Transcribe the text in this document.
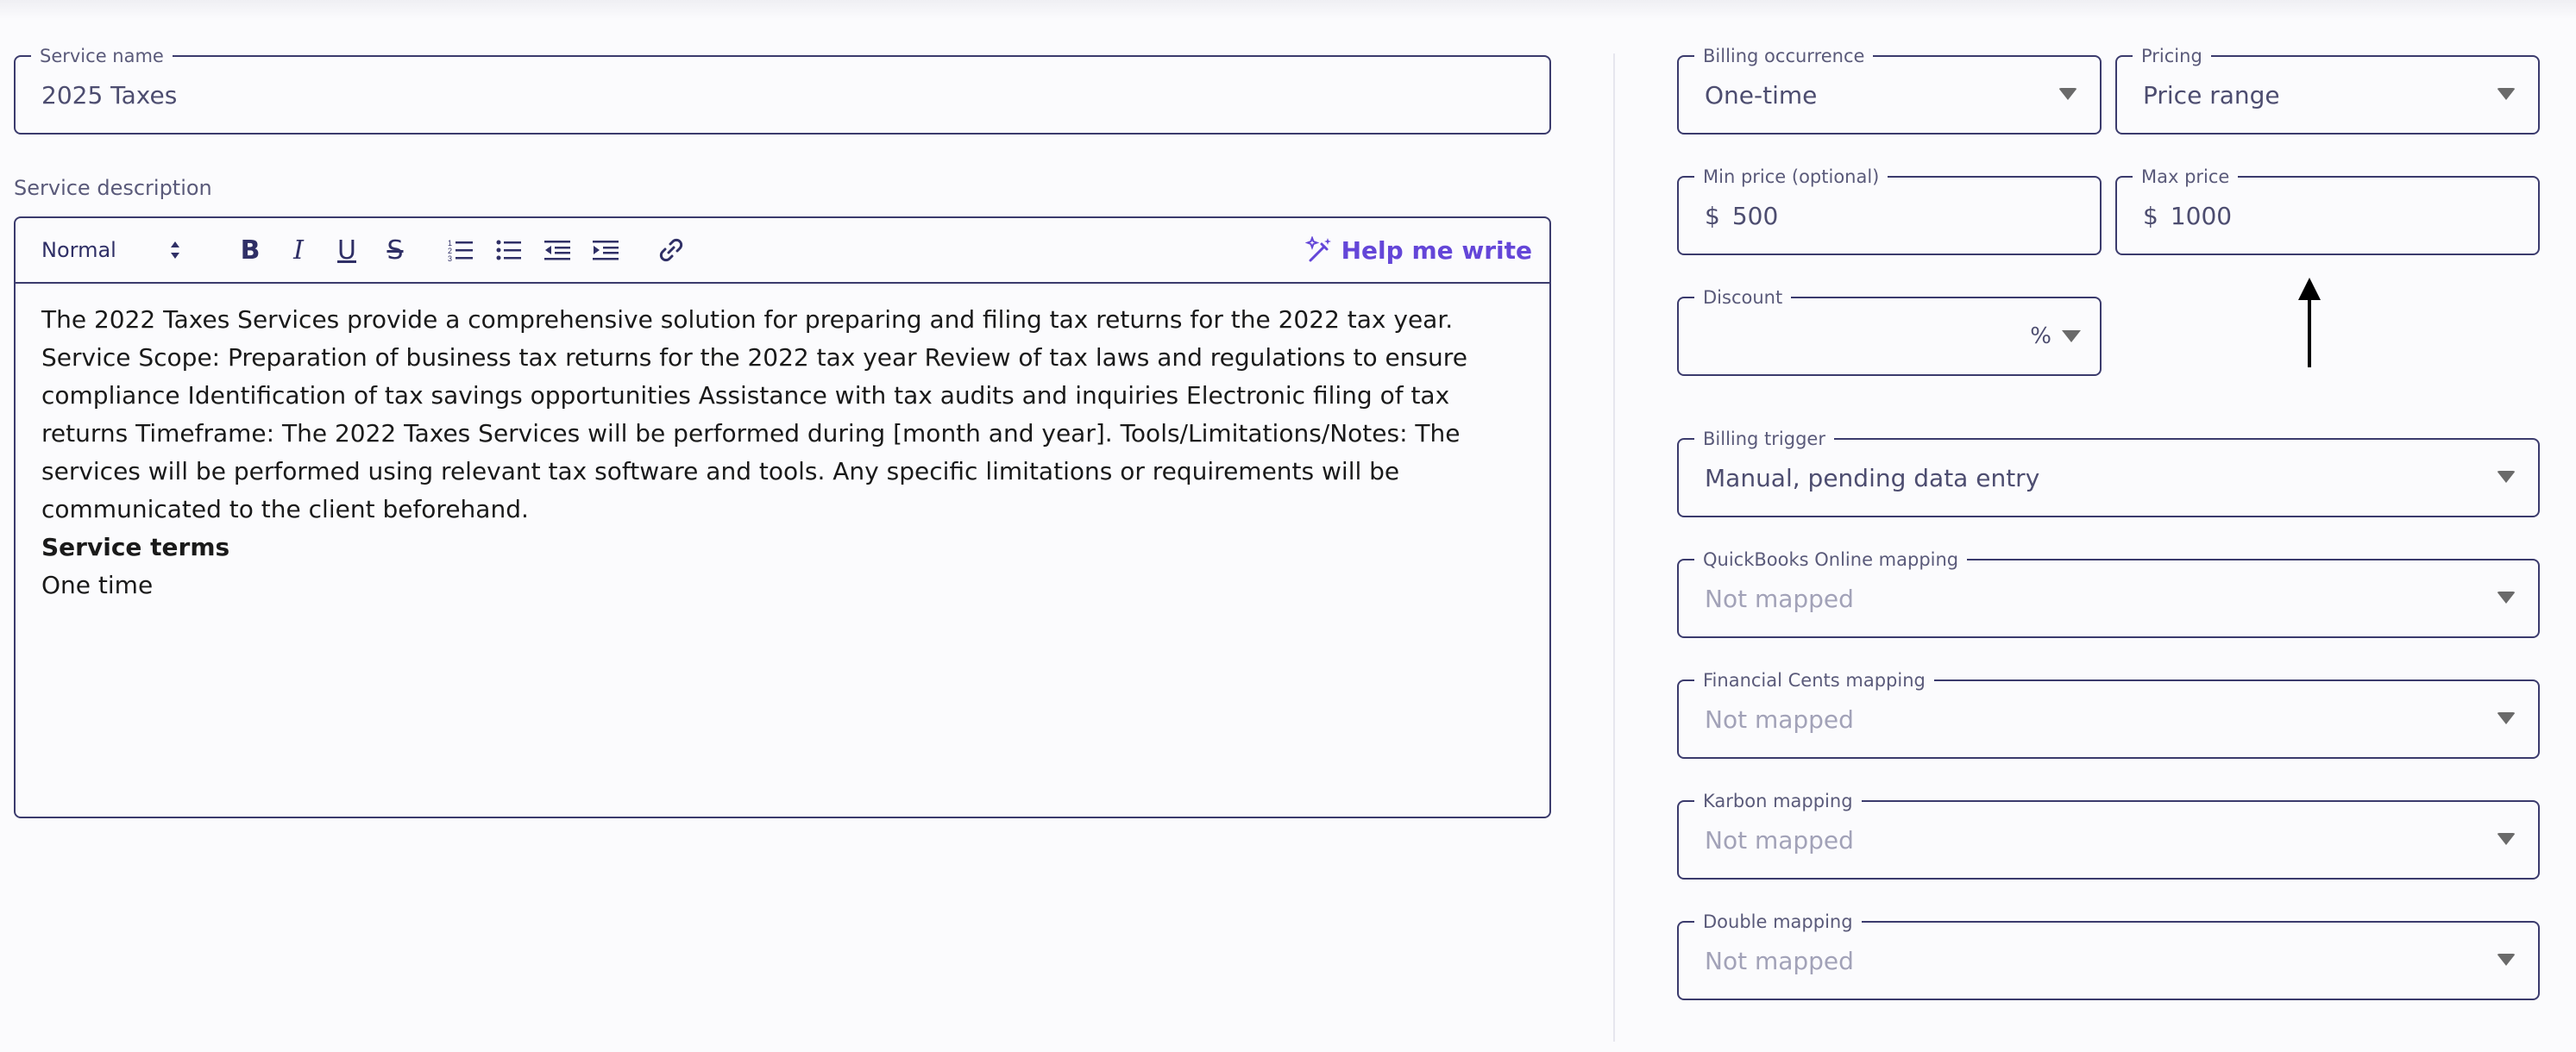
Service name
2025 Taxes
Service description
Normal	B I U S	1
2
3	Help me write

The 2022 Taxes Services provide a comprehensive solution for preparing and filing tax returns for the 2022 tax year. Service Scope: Preparation of business tax returns for the 2022 tax year Review of tax laws and regulations to ensure compliance Identification of tax savings opportunities Assistance with tax audits and inquiries Electronic filing of tax returns Timeframe: The 2022 Taxes Services will be performed during [month and year]. Tools/Limitations/Notes: The services will be performed using relevant tax software and tools. Any specific limitations or requirements will be communicated to the client beforehand.

Service terms

One time

Billing occurrence
One-time
Pricing
Price range
Min price (optional)
$ 500
Max price
$ 1000
Discount
%
Billing trigger
Manual, pending data entry
QuickBooks Online mapping
Not mapped
Financial Cents mapping
Not mapped
Karbon mapping
Not mapped
Double mapping
Not mapped
